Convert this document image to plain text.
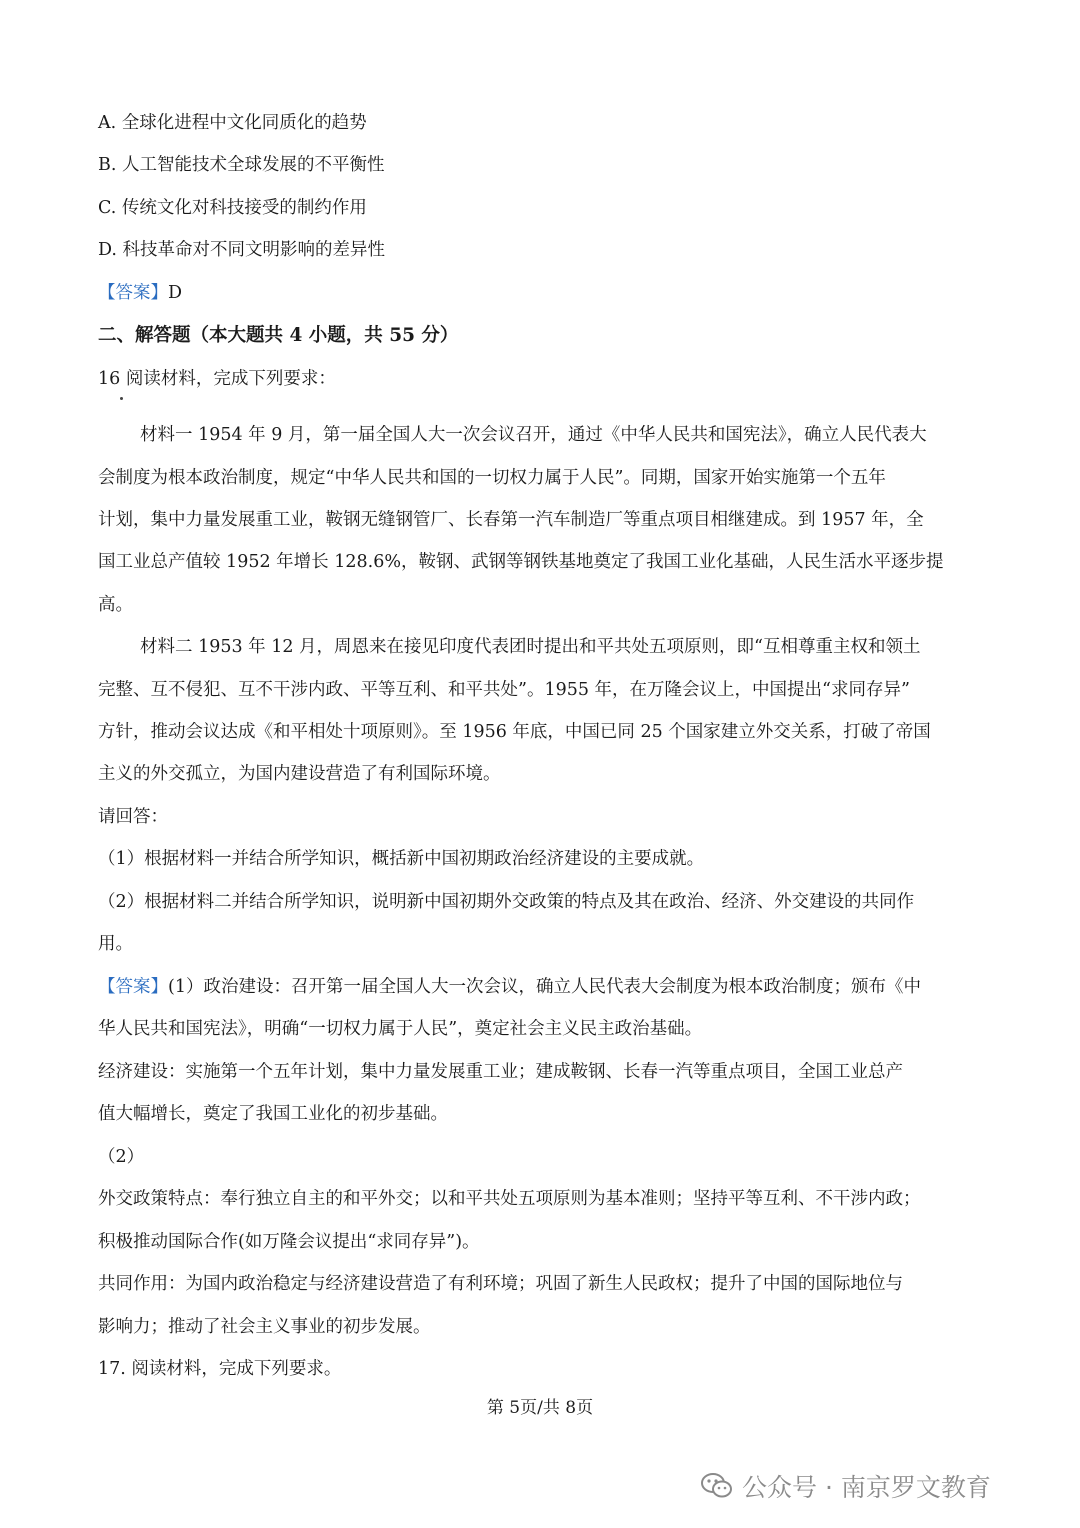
A. 全球化进程中文化同质化的趋势
B. 人工智能技术全球发展的不平衡性
C. 传统文化对科技接受的制约作用
D. 科技革命对不同文明影响的差异性
【答案】D
二、解答题（本大题共 4 小题，共 55 分）
16 阅读材料，完成下列要求：
材料一 1954 年 9 月，第一届全国人大一次会议召开，通过《中华人民共和国宪法》，确立人民代表大
会制度为根本政治制度，规定“中华人民共和国的一切权力属于人民”。同期，国家开始实施第一个五年
计划，集中力量发展重工业，鞍钢无缝钢管厂、长春第一汽车制造厂等重点项目相继建成。到 1957 年，全
国工业总产值较 1952 年增长 128.6%，鞍钢、武钢等钢铁基地奠定了我国工业化基础，人民生活水平逐步提
高。
材料二 1953 年 12 月，周恩来在接见印度代表团时提出和平共处五项原则，即“互相尊重主权和领土
完整、互不侵犯、互不干涉内政、平等互利、和平共处”。1955 年，在万隆会议上，中国提出“求同存异”
方针，推动会议达成《和平相处十项原则》。至 1956 年底，中国已同 25 个国家建立外交关系，打破了帝国
主义的外交孤立，为国内建设营造了有利国际环境。
请回答：
（1）根据材料一并结合所学知识，概括新中国初期政治经济建设的主要成就。
（2）根据材料二并结合所学知识，说明新中国初期外交政策的特点及其在政治、经济、外交建设的共同作
用。
【答案】(1）政治建设：召开第一届全国人大一次会议，确立人民代表大会制度为根本政治制度；颁布《中
华人民共和国宪法》，明确“一切权力属于人民”，奠定社会主义民主政治基础。
经济建设：实施第一个五年计划，集中力量发展重工业；建成鞍钢、长春一汽等重点项目，全国工业总产
值大幅增长，奠定了我国工业化的初步基础。
（2）
外交政策特点：奉行独立自主的和平外交；以和平共处五项原则为基本准则；坚持平等互利、不干涉内政；
积极推动国际合作(如万隆会议提出“求同存异”)。
共同作用：为国内政治稳定与经济建设营造了有利环境；巩固了新生人民政权；提升了中国的国际地位与
影响力；推动了社会主义事业的初步发展。
17. 阅读材料，完成下列要求。
第 5页/共 8页
公众号 · 南京罗文教育
